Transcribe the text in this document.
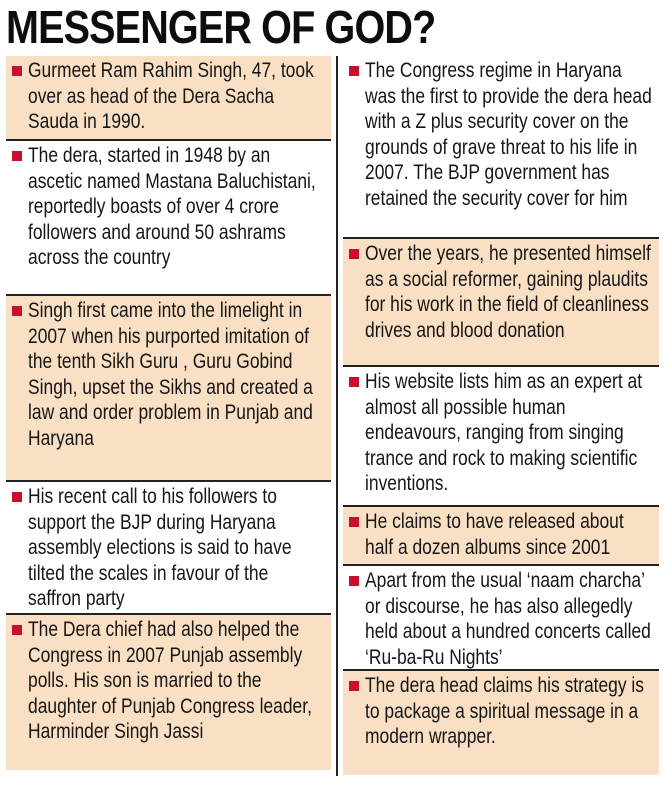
MESSENGER OF GOD?
Gurmeet Ram Rahim Singh, 47, took over as head of the Dera Sacha Sauda in 1990.
The dera, started in 1948 by an ascetic named Mastana Baluchistani, reportedly boasts of over 4 crore followers and around 50 ashrams across the country
Singh first came into the limelight in 2007 when his purported imitation of the tenth Sikh Guru , Guru Gobind Singh, upset the Sikhs and created a law and order problem in Punjab and Haryana
His recent call to his followers to support the BJP during Haryana assembly elections is said to have tilted the scales in favour of the saffron party
The Dera chief had also helped the Congress in 2007 Punjab assembly polls. His son is married to the daughter of Punjab Congress leader, Harminder Singh Jassi
The Congress regime in Haryana was the first to provide the dera head with a Z plus security cover on the grounds of grave threat to his life in 2007. The BJP government has retained the security cover for him
Over the years, he presented himself as a social reformer, gaining plaudits for his work in the field of cleanliness drives and blood donation
His website lists him as an expert at almost all possible human endeavours, ranging from singing trance and rock to making scientific inventions.
He claims to have released about half a dozen albums since 2001
Apart from the usual ‘naam charcha’ or discourse, he has also allegedly held about a hundred concerts called ‘Ru-ba-Ru Nights’
The dera head claims his strategy is to package a spiritual message in a modern wrapper.
